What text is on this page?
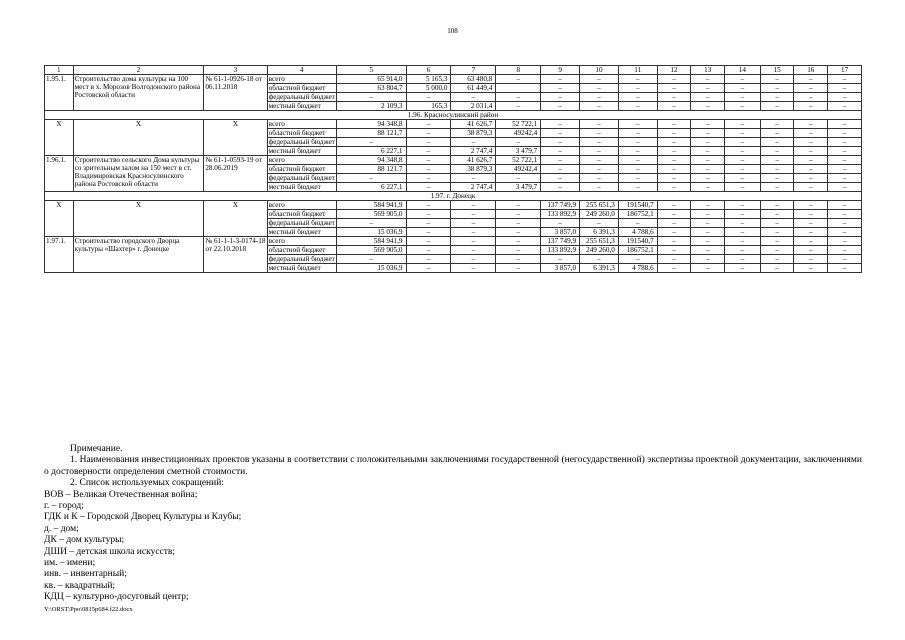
108
1	2	3	4	5	6	7	8	9	10	11	12	13	14	15	16	17
1.95.1.	Строительство дома культуры на 100 мест в х. Морозов Волгодонского района Ростовской области	№ 61-1-0926-18 от 06.11.2018	всего	65 914,0	5 165,3	63 480,8	–	–	–	–	–	–	–	–	–	–
			областной бюджет	63 804,7	5 000,0	61 449,4		–	–	–	–	–	–	–	–	–
			федеральный бюджет	–	–	–	–	–	–	–	–	–	–	–	–	–
			местный бюджет	2 109,3	165,3	2 031,4	–	–	–	–	–	–	–	–	–	–
1.96. Красносулинский район																
X	X	X	всего	94 348,8	–	41 626,7	52 722,1	–	–	–	–	–	–	–	–	–
			областной бюджет	88 121,7	–	38 879,3	49242,4	–	–	–	–	–	–	–	–	–
			федеральный бюджет	–	–	–	–	–	–	–	–	–	–	–	–	–
			местный бюджет	6 227,1	–	2 747,4	3 479,7	–	–	–	–	–	–	–	–	–
1.96.1.	Строительство сельского Дома культуры со зрительным залом на 150 мест в ст. Владимировская Красносулинского района Ростовской области	№ 61-1-0593-19 от 28.06.2019	всего	94 348,8	–	41 626,7	52 722,1	–	–	–	–	–	–	–	–	–
			областной бюджет	88 121.7	–	38 879,3	49242,4	–	–	–	–	–	–	–	–	–
			федеральный бюджет	–	–	–	–	–	–	–	–	–	–	–	–	–
			местный бюджет	6 227,1	–	2 747,4	3 479,7	–	–	–	–	–	–	–	–	–
1.97. г. Донецк																
X	X	X	всего	584 941,9	–	–	–	137 749,9	255 651,3	191540,7	–	–	–	–	–	–
			областной бюджет	569 905,0	–	–	–	133 892,9	249 260,0	186752,1	–	–	–	–	–	–
			федеральный бюджет	–	–	–	–	–	–	–	–	–	–	–	–	–
			местный бюджет	15 036,9	–	–	–	3 857,0	6 391,3	4 788,6	–	–	–	–	–	–
1.97.1.	Строительство городского Дворца культуры «Шахтер» г. Донецке	№ 61-1-1-3-0174-18 от 22.10.2018	всего	584 941,9	–	–	–	137 749,9	255 651,3	191540,7	–	–	–	–	–	–
			областной бюджет	569 905,0	–	–	–	133 892,9	249 260,0	186752,1	–	–	–	–	–	–
			федеральный бюджет	–	–	–	–	–	–	–	–	–	–	–	–	–
			местный бюджет	15 036,9	–	–	–	3 857,0	6 391,3	4 788,6	–	–	–	–	–	–

Примечание.

1. Наименования инвестиционных проектов указаны в соответствии с положительными заключениями государственной (негосударственной) экспертизы проектной документации, заключениями о достоверности определения сметной стоимости.

2. Список используемых сокращений:

ВОВ – Великая Отечественная война;

г. – город;

ГДК и К – Городской Дворец Культуры и Клубы;

д. – дом;

ДК – дом культуры;

ДШИ – детская школа искусств;

им. – имени;

инв. – инвентарный;

кв. – квадратный;

КДЦ – культурно-досуговый центр;

Y:\ORST\Ppo\0815p684.f22.docx
